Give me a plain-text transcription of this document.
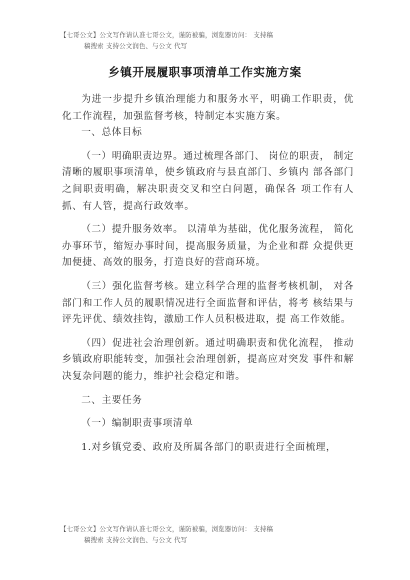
【七哥公文】公文写作请认准七哥公文，谨防被骗，浏览器访问： 支持稿
稿搜索 支持公文润色、与公文 代写
乡镇开展履职事项清单工作实施方案

为进一步提升乡镇治理能力和服务水平，明确工作职责，优化工作流程，加强监督考核，特制定本实施方案。

一、总体目标

（一）明确职责边界。通过梳理各部门、 岗位的职责， 制定清晰的履职事项清单，使乡镇政府与县直部门、乡镇内 部各部门之间职责明确，解决职责交叉和空白问题，确保各 项工作有人抓、有人管，提高行政效率。

（二）提升服务效率。 以清单为基础，优化服务流程， 简化办事环节，缩短办事时间，提高服务质量，为企业和群 众提供更加便捷、高效的服务，打造良好的营商环境。

（三）强化监督考核。建立科学合理的监督考核机制， 对各部门和工作人员的履职情况进行全面监督和评估，将考 核结果与评先评优、绩效挂钩，激励工作人员积极进取，提 高工作效能。

（四）促进社会治理创新。通过明确职责和优化流程， 推动乡镇政府职能转变，加强社会治理创新，提高应对突发 事件和解决复杂问题的能力，维护社会稳定和谐。

二、主要任务

（一）编制职责事项清单

1.对乡镇党委、政府及所属各部门的职责进行全面梳理，

【七哥公文】公文写作请认准七哥公文，谨防被骗，浏览器访问： 支持稿
稿搜索 支持公文润色、与公文 代写
